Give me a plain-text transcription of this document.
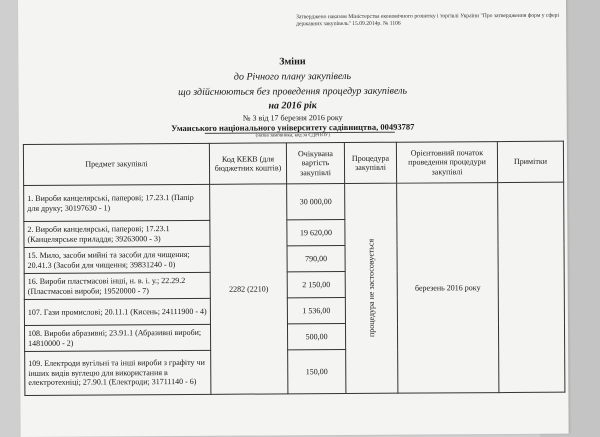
Затверджено наказом Міністерства економічного розвитку і торгівлі України "Про затвердження форм у сфері державних закупівель" 15.09.2014р. № 1106
Зміни
до Річного плану закупівель
що здійснюються без проведення процедур закупівель
на 2016 рік
№ 3 від 17 березня 2016 року
Уманського національного університету садівництва, 00493787
(назва замовника, код за ЄДРПОУ)
Предмет закупівлі	Код КЕКВ (для бюджетних коштів)	Очікувана вартість закупівлі	Процедура закупівлі	Орієнтовний початок проведення процедури закупівлі	Примітки
1. Вироби канцелярські, паперові; 17.23.1 (Папір для друку; 30197630 - 1)	2282 (2210)	30 000,00	процедура не застосовується	березень 2016 року	
2. Вироби канцелярські, паперові; 17.23.1 (Канцелярське приладдя; 39263000 - 3)		19 620,00			
15. Мило, засоби мийні та засоби для чищення; 20.41.3 (Засоби для чищення; 39831240 - 0)		790,00			
16. Вироби пластмасові інші, н. в. і. у.; 22.29.2 (Пластмасові вироби; 19520000 - 7)		2 150,00			
107. Гази промислові; 20.11.1 (Кисень; 24111900 - 4)		1 536,00			
108. Вироби абразивні; 23.91.1 (Абразивні вироби; 14810000 - 2)		500,00			
109. Електроди вугільні та інші вироби з графіту чи інших видів вуглецю для використання в електротехніці; 27.90.1 (Електроди; 31711140 - 6)		150,00			
